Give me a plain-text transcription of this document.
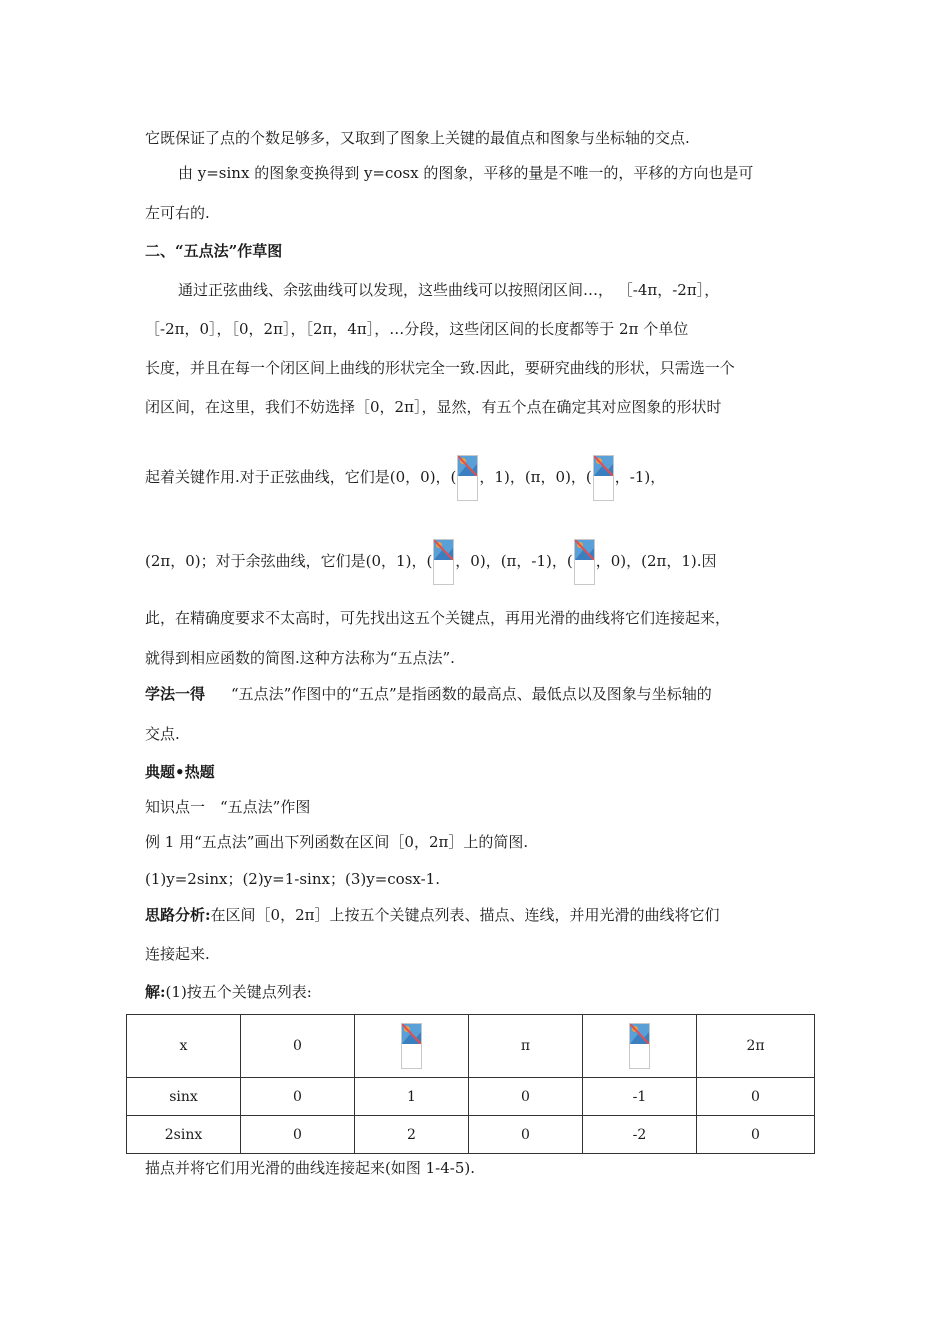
它既保证了点的个数足够多，又取到了图象上关键的最值点和图象与坐标轴的交点.
由 y=sinx 的图象变换得到 y=cosx 的图象，平移的量是不唯一的，平移的方向也是可
左可右的.
二、“五点法”作草图
通过正弦曲线、余弦曲线可以发现，这些曲线可以按照闭区间…， ［-4π，-2π］，
［-2π，0］，［0，2π］，［2π，4π］，…分段，这些闭区间的长度都等于 2π 个单位
长度，并且在每一个闭区间上曲线的形状完全一致.因此，要研究曲线的形状，只需选一个
闭区间，在这里，我们不妨选择［0，2π］，显然，有五个点在确定其对应图象的形状时
起着关键作用.对于正弦曲线，它们是(0，0)，( ，1)，(π，0)，( ，-1)，
(2π，0)；对于余弦曲线，它们是(0，1)，( ，0)，(π，-1)，( ，0)，(2π，1).因
此，在精确度要求不太高时，可先找出这五个关键点，再用光滑的曲线将它们连接起来，
就得到相应函数的简图.这种方法称为“五点法”.
学法一得 “五点法”作图中的“五点”是指函数的最高点、最低点以及图象与坐标轴的
交点.
典题•热题
知识点一　“五点法”作图
例 1 用“五点法”画出下列函数在区间［0，2π］上的简图.
(1)y=2sinx；(2)y=1-sinx；(3)y=cosx-1.
思路分析:在区间［0，2π］上按五个关键点列表、描点、连线，并用光滑的曲线将它们
连接起来.
解:(1)按五个关键点列表:
x	0		π		2π
sinx	0	1	0	-1	0
2sinx	0	2	0	-2	0
描点并将它们用光滑的曲线连接起来(如图 1-4-5).
